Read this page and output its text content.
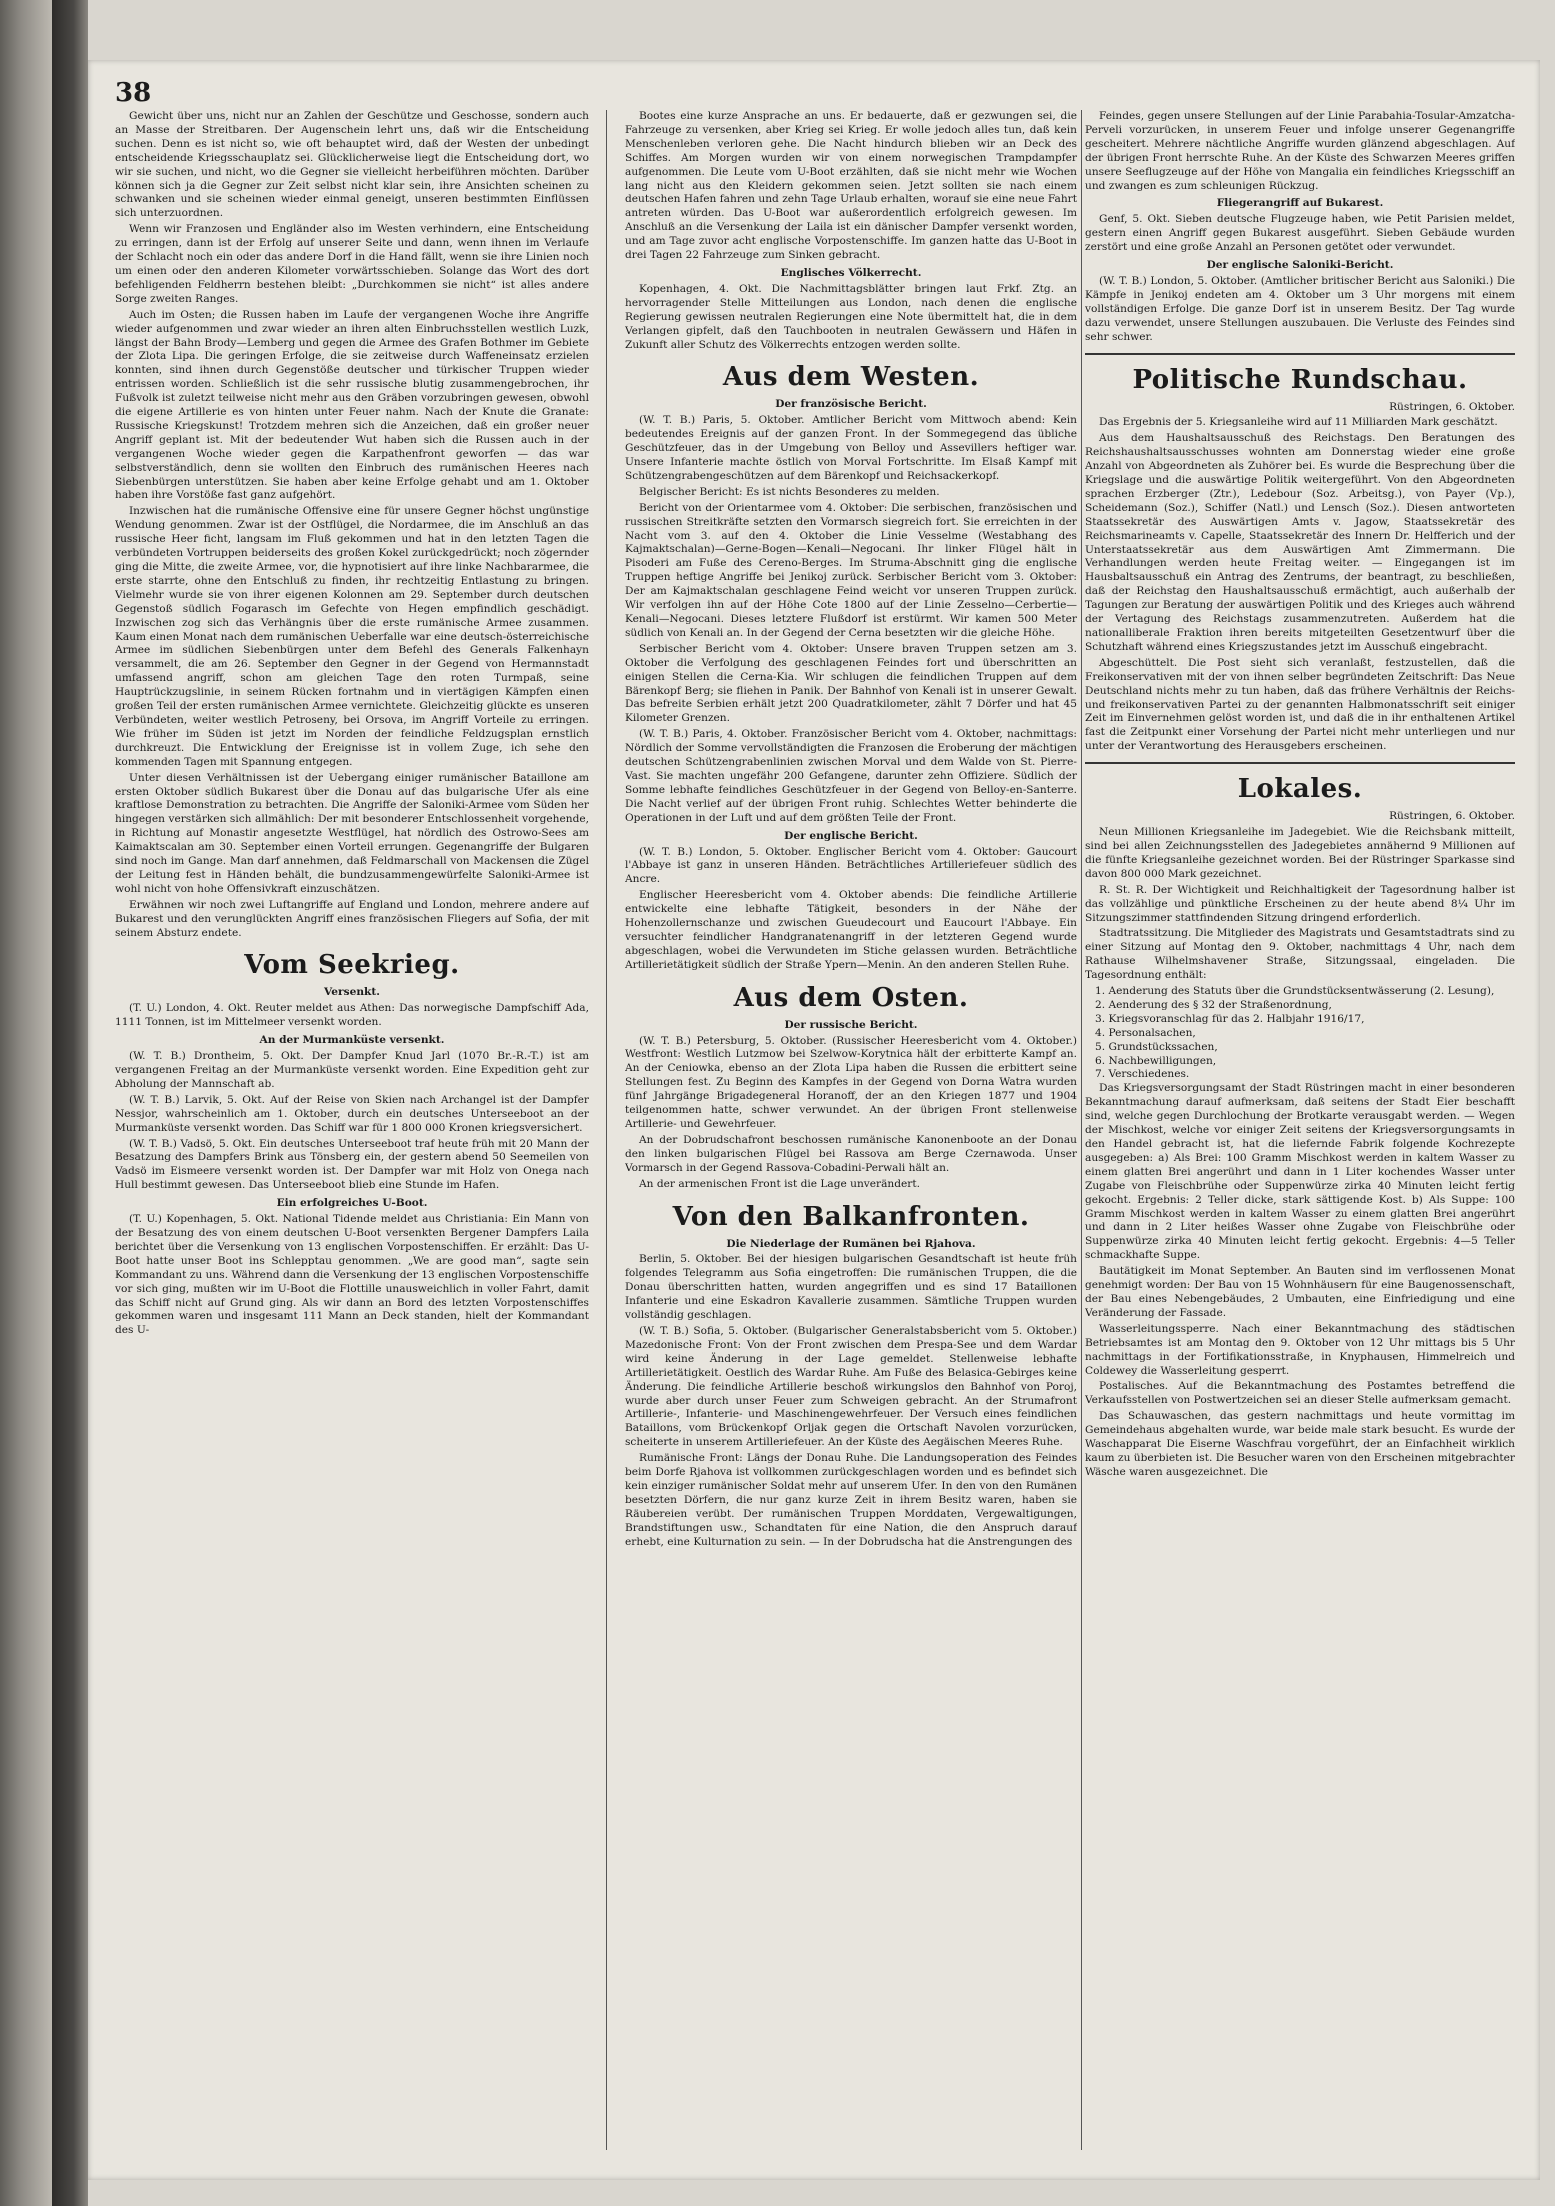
38

Gewicht über uns, nicht nur an Zahlen der Geschütze und Geschosse, sondern auch an Masse der Streitbaren. Der Augenschein lehrt uns, daß wir die Entscheidung suchen. Denn es ist nicht so, wie oft behauptet wird, daß der Westen der unbedingt entscheidende Kriegsschauplatz sei. Glücklicherweise liegt die Entscheidung dort, wo wir sie suchen, und nicht, wo die Gegner sie vielleicht herbeiführen möchten. Darüber können sich ja die Gegner zur Zeit selbst nicht klar sein, ihre Ansichten scheinen zu schwanken und sie scheinen wieder einmal geneigt, unseren bestimmten Einflüssen sich unterzuordnen.

Wenn wir Franzosen und Engländer also im Westen verhindern, eine Entscheidung zu erringen, dann ist der Erfolg auf unserer Seite und dann, wenn ihnen im Verlaufe der Schlacht noch ein oder das andere Dorf in die Hand fällt, wenn sie ihre Linien noch um einen oder den anderen Kilometer vorwärtsschieben. Solange das Wort des dort befehligenden Feldherrn bestehen bleibt: „Durchkommen sie nicht“ ist alles andere Sorge zweiten Ranges.

Auch im Osten; die Russen haben im Laufe der vergangenen Woche ihre Angriffe wieder aufgenommen und zwar wieder an ihren alten Einbruchsstellen westlich Luzk, längst der Bahn Brody—Lemberg und gegen die Armee des Grafen Bothmer im Gebiete der Zlota Lipa. Die geringen Erfolge, die sie zeitweise durch Waffeneinsatz erzielen konnten, sind ihnen durch Gegenstöße deutscher und türkischer Truppen wieder entrissen worden. Schließlich ist die sehr russische blutig zusammengebrochen, ihr Fußvolk ist zuletzt teilweise nicht mehr aus den Gräben vorzubringen gewesen, obwohl die eigene Artillerie es von hinten unter Feuer nahm. Nach der Knute die Granate: Russische Kriegskunst! Trotzdem mehren sich die Anzeichen, daß ein großer neuer Angriff geplant ist. Mit der bedeutender Wut haben sich die Russen auch in der vergangenen Woche wieder gegen die Karpathenfront geworfen — das war selbstverständlich, denn sie wollten den Einbruch des rumänischen Heeres nach Siebenbürgen unterstützen. Sie haben aber keine Erfolge gehabt und am 1. Oktober haben ihre Vorstöße fast ganz aufgehört.

Inzwischen hat die rumänische Offensive eine für unsere Gegner höchst ungünstige Wendung genommen. Zwar ist der Ostflügel, die Nordarmee, die im Anschluß an das russische Heer ficht, langsam im Fluß gekommen und hat in den letzten Tagen die verbündeten Vortruppen beiderseits des großen Kokel zurückgedrückt; noch zögernder ging die Mitte, die zweite Armee, vor, die hypnotisiert auf ihre linke Nachbararmee, die erste starrte, ohne den Entschluß zu finden, ihr rechtzeitig Entlastung zu bringen. Vielmehr wurde sie von ihrer eigenen Kolonnen am 29. September durch deutschen Gegenstoß südlich Fogarasch im Gefechte von Hegen empfindlich geschädigt. Inzwischen zog sich das Verhängnis über die erste rumänische Armee zusammen. Kaum einen Monat nach dem rumänischen Ueberfalle war eine deutsch-österreichische Armee im südlichen Siebenbürgen unter dem Befehl des Generals Falkenhayn versammelt, die am 26. September den Gegner in der Gegend von Hermannstadt umfassend angriff, schon am gleichen Tage den roten Turmpaß, seine Hauptrückzugslinie, in seinem Rücken fortnahm und in viertägigen Kämpfen einen großen Teil der ersten rumänischen Armee vernichtete. Gleichzeitig glückte es unseren Verbündeten, weiter westlich Petroseny, bei Orsova, im Angriff Vorteile zu erringen. Wie früher im Süden ist jetzt im Norden der feindliche Feldzugsplan ernstlich durchkreuzt. Die Entwicklung der Ereignisse ist in vollem Zuge, ich sehe den kommenden Tagen mit Spannung entgegen.

Unter diesen Verhältnissen ist der Uebergang einiger rumänischer Bataillone am ersten Oktober südlich Bukarest über die Donau auf das bulgarische Ufer als eine kraftlose Demonstration zu betrachten. Die Angriffe der Saloniki-Armee vom Süden her hingegen verstärken sich allmählich: Der mit besonderer Entschlossenheit vorgehende, in Richtung auf Monastir angesetzte Westflügel, hat nördlich des Ostrowo-Sees am Kaimaktscalan am 30. September einen Vorteil errungen. Gegenangriffe der Bulgaren sind noch im Gange. Man darf annehmen, daß Feldmarschall von Mackensen die Zügel der Leitung fest in Händen behält, die bundzusammengewürfelte Saloniki-Armee ist wohl nicht von hohe Offensivkraft einzuschätzen.

Erwähnen wir noch zwei Luftangriffe auf England und London, mehrere andere auf Bukarest und den verunglückten Angriff eines französischen Fliegers auf Sofia, der mit seinem Absturz endete.

Vom Seekrieg.
Versenkt.

(T. U.) London, 4. Okt. Reuter meldet aus Athen: Das norwegische Dampfschiff Ada, 1111 Tonnen, ist im Mittelmeer versenkt worden.

An der Murmanküste versenkt.

(W. T. B.) Drontheim, 5. Okt. Der Dampfer Knud Jarl (1070 Br.-R.-T.) ist am vergangenen Freitag an der Murmanküste versenkt worden. Eine Expedition geht zur Abholung der Mannschaft ab.

(W. T. B.) Larvik, 5. Okt. Auf der Reise von Skien nach Archangel ist der Dampfer Nessjor, wahrscheinlich am 1. Oktober, durch ein deutsches Unterseeboot an der Murmanküste versenkt worden. Das Schiff war für 1 800 000 Kronen kriegsversichert.

(W. T. B.) Vadsö, 5. Okt. Ein deutsches Unterseeboot traf heute früh mit 20 Mann der Besatzung des Dampfers Brink aus Tönsberg ein, der gestern abend 50 Seemeilen von Vadsö im Eismeere versenkt worden ist. Der Dampfer war mit Holz von Onega nach Hull bestimmt gewesen. Das Unterseeboot blieb eine Stunde im Hafen.

Ein erfolgreiches U-Boot.

(T. U.) Kopenhagen, 5. Okt. National Tidende meldet aus Christiania: Ein Mann von der Besatzung des von einem deutschen U-Boot versenkten Bergener Dampfers Laila berichtet über die Versenkung von 13 englischen Vorpostenschiffen. Er erzählt: Das U-Boot hatte unser Boot ins Schlepptau genommen. „We are good man“, sagte sein Kommandant zu uns. Während dann die Versenkung der 13 englischen Vorpostenschiffe vor sich ging, mußten wir im U-Boot die Flottille unausweichlich in voller Fahrt, damit das Schiff nicht auf Grund ging. Als wir dann an Bord des letzten Vorpostenschiffes gekommen waren und insgesamt 111 Mann an Deck standen, hielt der Kommandant des U-

Bootes eine kurze Ansprache an uns. Er bedauerte, daß er gezwungen sei, die Fahrzeuge zu versenken, aber Krieg sei Krieg. Er wolle jedoch alles tun, daß kein Menschenleben verloren gehe. Die Nacht hindurch blieben wir an Deck des Schiffes. Am Morgen wurden wir von einem norwegischen Trampdampfer aufgenommen. Die Leute vom U-Boot erzählten, daß sie nicht mehr wie Wochen lang nicht aus den Kleidern gekommen seien. Jetzt sollten sie nach einem deutschen Hafen fahren und zehn Tage Urlaub erhalten, worauf sie eine neue Fahrt antreten würden. Das U-Boot war außerordentlich erfolgreich gewesen. Im Anschluß an die Versenkung der Laila ist ein dänischer Dampfer versenkt worden, und am Tage zuvor acht englische Vorpostenschiffe. Im ganzen hatte das U-Boot in drei Tagen 22 Fahrzeuge zum Sinken gebracht.

Englisches Völkerrecht.

Kopenhagen, 4. Okt. Die Nachmittagsblätter bringen laut Frkf. Ztg. an hervorragender Stelle Mitteilungen aus London, nach denen die englische Regierung gewissen neutralen Regierungen eine Note übermittelt hat, die in dem Verlangen gipfelt, daß den Tauchbooten in neutralen Gewässern und Häfen in Zukunft aller Schutz des Völkerrechts entzogen werden sollte.

Aus dem Westen.
Der französische Bericht.

(W. T. B.) Paris, 5. Oktober. Amtlicher Bericht vom Mittwoch abend: Kein bedeutendes Ereignis auf der ganzen Front. In der Sommegegend das übliche Geschützfeuer, das in der Umgebung von Belloy und Assevillers heftiger war. Unsere Infanterie machte östlich von Morval Fortschritte. Im Elsaß Kampf mit Schützengrabengeschützen auf dem Bärenkopf und Reichsackerkopf.

Belgischer Bericht: Es ist nichts Besonderes zu melden.

Bericht von der Orientarmee vom 4. Oktober: Die serbischen, französischen und russischen Streitkräfte setzten den Vormarsch siegreich fort. Sie erreichten in der Nacht vom 3. auf den 4. Oktober die Linie Vesselme (Westabhang des Kajmaktschalan)—Gerne-Bogen—Kenali—Negocani. Ihr linker Flügel hält in Pisoderi am Fuße des Cereno-Berges. Im Struma-Abschnitt ging die englische Truppen heftige Angriffe bei Jenikoj zurück. Serbischer Bericht vom 3. Oktober: Der am Kajmaktschalan geschlagene Feind weicht vor unseren Truppen zurück. Wir verfolgen ihn auf der Höhe Cote 1800 auf der Linie Zesselno—Cerbertie—Kenali—Negocani. Dieses letztere Flußdorf ist erstürmt. Wir kamen 500 Meter südlich von Kenali an. In der Gegend der Cerna besetzten wir die gleiche Höhe.

Serbischer Bericht vom 4. Oktober: Unsere braven Truppen setzen am 3. Oktober die Verfolgung des geschlagenen Feindes fort und überschritten an einigen Stellen die Cerna-Kia. Wir schlugen die feindlichen Truppen auf dem Bärenkopf Berg; sie fliehen in Panik. Der Bahnhof von Kenali ist in unserer Gewalt. Das befreite Serbien erhält jetzt 200 Quadratkilometer, zählt 7 Dörfer und hat 45 Kilometer Grenzen.

(W. T. B.) Paris, 4. Oktober. Französischer Bericht vom 4. Oktober, nachmittags: Nördlich der Somme vervollständigten die Franzosen die Eroberung der mächtigen deutschen Schützengrabenlinien zwischen Morval und dem Walde von St. Pierre-Vast. Sie machten ungefähr 200 Gefangene, darunter zehn Offiziere. Südlich der Somme lebhafte feindliches Geschützfeuer in der Gegend von Belloy-en-Santerre. Die Nacht verlief auf der übrigen Front ruhig. Schlechtes Wetter behinderte die Operationen in der Luft und auf dem größten Teile der Front.

Der englische Bericht.

(W. T. B.) London, 5. Oktober. Englischer Bericht vom 4. Oktober: Gaucourt l'Abbaye ist ganz in unseren Händen. Beträchtliches Artilleriefeuer südlich des Ancre.

Englischer Heeresbericht vom 4. Oktober abends: Die feindliche Artillerie entwickelte eine lebhafte Tätigkeit, besonders in der Nähe der Hohenzollernschanze und zwischen Gueudecourt und Eaucourt l'Abbaye. Ein versuchter feindlicher Handgranatenangriff in der letzteren Gegend wurde abgeschlagen, wobei die Verwundeten im Stiche gelassen wurden. Beträchtliche Artillerietätigkeit südlich der Straße Ypern—Menin. An den anderen Stellen Ruhe.

Aus dem Osten.
Der russische Bericht.

(W. T. B.) Petersburg, 5. Oktober. (Russischer Heeresbericht vom 4. Oktober.) Westfront: Westlich Lutzmow bei Szelwow-Korytnica hält der erbitterte Kampf an. An der Ceniowka, ebenso an der Zlota Lipa haben die Russen die erbittert seine Stellungen fest. Zu Beginn des Kampfes in der Gegend von Dorna Watra wurden fünf Jahrgänge Brigadegeneral Horanoff, der an den Kriegen 1877 und 1904 teilgenommen hatte, schwer verwundet. An der übrigen Front stellenweise Artillerie- und Gewehrfeuer.

An der Dobrudschafront beschossen rumänische Kanonenboote an der Donau den linken bulgarischen Flügel bei Rassova am Berge Czernawoda. Unser Vormarsch in der Gegend Rassova-Cobadini-Perwali hält an.

An der armenischen Front ist die Lage unverändert.

Von den Balkanfronten.
Die Niederlage der Rumänen bei Rjahova.

Berlin, 5. Oktober. Bei der hiesigen bulgarischen Gesandtschaft ist heute früh folgendes Telegramm aus Sofia eingetroffen: Die rumänischen Truppen, die die Donau überschritten hatten, wurden angegriffen und es sind 17 Bataillonen Infanterie und eine Eskadron Kavallerie zusammen. Sämtliche Truppen wurden vollständig geschlagen.

(W. T. B.) Sofia, 5. Oktober. (Bulgarischer Generalstabsbericht vom 5. Oktober.) Mazedonische Front: Von der Front zwischen dem Prespa-See und dem Wardar wird keine Änderung in der Lage gemeldet. Stellenweise lebhafte Artillerietätigkeit. Oestlich des Wardar Ruhe. Am Fuße des Belasica-Gebirges keine Änderung. Die feindliche Artillerie beschoß wirkungslos den Bahnhof von Poroj, wurde aber durch unser Feuer zum Schweigen gebracht. An der Strumafront Artillerie-, Infanterie- und Maschinengewehrfeuer. Der Versuch eines feindlichen Bataillons, vom Brückenkopf Orljak gegen die Ortschaft Navolen vorzurücken, scheiterte in unserem Artilleriefeuer. An der Küste des Aegäischen Meeres Ruhe.

Rumänische Front: Längs der Donau Ruhe. Die Landungsoperation des Feindes beim Dorfe Rjahova ist vollkommen zurückgeschlagen worden und es befindet sich kein einziger rumänischer Soldat mehr auf unserem Ufer. In den von den Rumänen besetzten Dörfern, die nur ganz kurze Zeit in ihrem Besitz waren, haben sie Räubereien verübt. Der rumänischen Truppen Morddaten, Vergewaltigungen, Brandstiftungen usw., Schandtaten für eine Nation, die den Anspruch darauf erhebt, eine Kulturnation zu sein. — In der Dobrudscha hat die Anstrengungen des

Feindes, gegen unsere Stellungen auf der Linie Parabahia-Tosular-Amzatcha-Perveli vorzurücken, in unserem Feuer und infolge unserer Gegenangriffe gescheitert. Mehrere nächtliche Angriffe wurden glänzend abgeschlagen. Auf der übrigen Front herrschte Ruhe. An der Küste des Schwarzen Meeres griffen unsere Seeflugzeuge auf der Höhe von Mangalia ein feindliches Kriegsschiff an und zwangen es zum schleunigen Rückzug.

Fliegerangriff auf Bukarest.

Genf, 5. Okt. Sieben deutsche Flugzeuge haben, wie Petit Parisien meldet, gestern einen Angriff gegen Bukarest ausgeführt. Sieben Gebäude wurden zerstört und eine große Anzahl an Personen getötet oder verwundet.

Der englische Saloniki-Bericht.

(W. T. B.) London, 5. Oktober. (Amtlicher britischer Bericht aus Saloniki.) Die Kämpfe in Jenikoj endeten am 4. Oktober um 3 Uhr morgens mit einem vollständigen Erfolge. Die ganze Dorf ist in unserem Besitz. Der Tag wurde dazu verwendet, unsere Stellungen auszubauen. Die Verluste des Feindes sind sehr schwer.

Politische Rundschau.
Rüstringen, 6. Oktober.

Das Ergebnis der 5. Kriegsanleihe wird auf 11 Milliarden Mark geschätzt.

Aus dem Haushaltsausschuß des Reichstags. Den Beratungen des Reichshaushaltsausschusses wohnten am Donnerstag wieder eine große Anzahl von Abgeordneten als Zuhörer bei. Es wurde die Besprechung über die Kriegslage und die auswärtige Politik weitergeführt. Von den Abgeordneten sprachen Erzberger (Ztr.), Ledebour (Soz. Arbeitsg.), von Payer (Vp.), Scheidemann (Soz.), Schiffer (Natl.) und Lensch (Soz.). Diesen antworteten Staatssekretär des Auswärtigen Amts v. Jagow, Staatssekretär des Reichsmarineamts v. Capelle, Staatssekretär des Innern Dr. Helfferich und der Unterstaatssekretär aus dem Auswärtigen Amt Zimmermann. Die Verhandlungen werden heute Freitag weiter. — Eingegangen ist im Hausbaltsausschuß ein Antrag des Zentrums, der beantragt, zu beschließen, daß der Reichstag den Haushaltsausschuß ermächtigt, auch außerhalb der Tagungen zur Beratung der auswärtigen Politik und des Krieges auch während der Vertagung des Reichstags zusammenzutreten. Außerdem hat die nationalliberale Fraktion ihren bereits mitgeteilten Gesetzentwurf über die Schutzhaft während eines Kriegszustandes jetzt im Ausschuß eingebracht.

Abgeschüttelt. Die Post sieht sich veranlaßt, festzustellen, daß die Freikonservativen mit der von ihnen selber begründeten Zeitschrift: Das Neue Deutschland nichts mehr zu tun haben, daß das frühere Verhältnis der Reichs- und freikonservativen Partei zu der genannten Halbmonatsschrift seit einiger Zeit im Einvernehmen gelöst worden ist, und daß die in ihr enthaltenen Artikel fast die Zeitpunkt einer Vorsehung der Partei nicht mehr unterliegen und nur unter der Verantwortung des Herausgebers erscheinen.

Lokales.
Rüstringen, 6. Oktober.

Neun Millionen Kriegsanleihe im Jadegebiet. Wie die Reichsbank mitteilt, sind bei allen Zeichnungsstellen des Jadegebietes annähernd 9 Millionen auf die fünfte Kriegsanleihe gezeichnet worden. Bei der Rüstringer Sparkasse sind davon 800 000 Mark gezeichnet.

R. St. R. Der Wichtigkeit und Reichhaltigkeit der Tagesordnung halber ist das vollzählige und pünktliche Erscheinen zu der heute abend 8¼ Uhr im Sitzungszimmer stattfindenden Sitzung dringend erforderlich.

Stadtratssitzung. Die Mitglieder des Magistrats und Gesamtstadtrats sind zu einer Sitzung auf Montag den 9. Oktober, nachmittags 4 Uhr, nach dem Rathause Wilhelmshavener Straße, Sitzungssaal, eingeladen. Die Tagesordnung enthält:

1. Aenderung des Statuts über die Grundstücksentwässerung (2. Lesung),
2. Aenderung des § 32 der Straßenordnung,
3. Kriegsvoranschlag für das 2. Halbjahr 1916/17,
4. Personalsachen,
5. Grundstückssachen,
6. Nachbewilligungen,
7. Verschiedenes.

Das Kriegsversorgungsamt der Stadt Rüstringen macht in einer besonderen Bekanntmachung darauf aufmerksam, daß seitens der Stadt Eier beschafft sind, welche gegen Durchlochung der Brotkarte verausgabt werden. — Wegen der Mischkost, welche vor einiger Zeit seitens der Kriegsversorgungsamts in den Handel gebracht ist, hat die liefernde Fabrik folgende Kochrezepte ausgegeben: a) Als Brei: 100 Gramm Mischkost werden in kaltem Wasser zu einem glatten Brei angerührt und dann in 1 Liter kochendes Wasser unter Zugabe von Fleischbrühe oder Suppenwürze zirka 40 Minuten leicht fertig gekocht. Ergebnis: 2 Teller dicke, stark sättigende Kost. b) Als Suppe: 100 Gramm Mischkost werden in kaltem Wasser zu einem glatten Brei angerührt und dann in 2 Liter heißes Wasser ohne Zugabe von Fleischbrühe oder Suppenwürze zirka 40 Minuten leicht fertig gekocht. Ergebnis: 4—5 Teller schmackhafte Suppe.

Bautätigkeit im Monat September. An Bauten sind im verflossenen Monat genehmigt worden: Der Bau von 15 Wohnhäusern für eine Baugenossenschaft, der Bau eines Nebengebäudes, 2 Umbauten, eine Einfriedigung und eine Veränderung der Fassade.

Wasserleitungssperre. Nach einer Bekanntmachung des städtischen Betriebsamtes ist am Montag den 9. Oktober von 12 Uhr mittags bis 5 Uhr nachmittags in der Fortifikationsstraße, in Knyphausen, Himmelreich und Coldewey die Wasserleitung gesperrt.

Postalisches. Auf die Bekanntmachung des Postamtes betreffend die Verkaufsstellen von Postwertzeichen sei an dieser Stelle aufmerksam gemacht.

Das Schauwaschen, das gestern nachmittags und heute vormittag im Gemeindehaus abgehalten wurde, war beide male stark besucht. Es wurde der Waschapparat Die Eiserne Waschfrau vorgeführt, der an Einfachheit wirklich kaum zu überbieten ist. Die Besucher waren von den Erscheinen mitgebrachter Wäsche waren ausgezeichnet. Die
